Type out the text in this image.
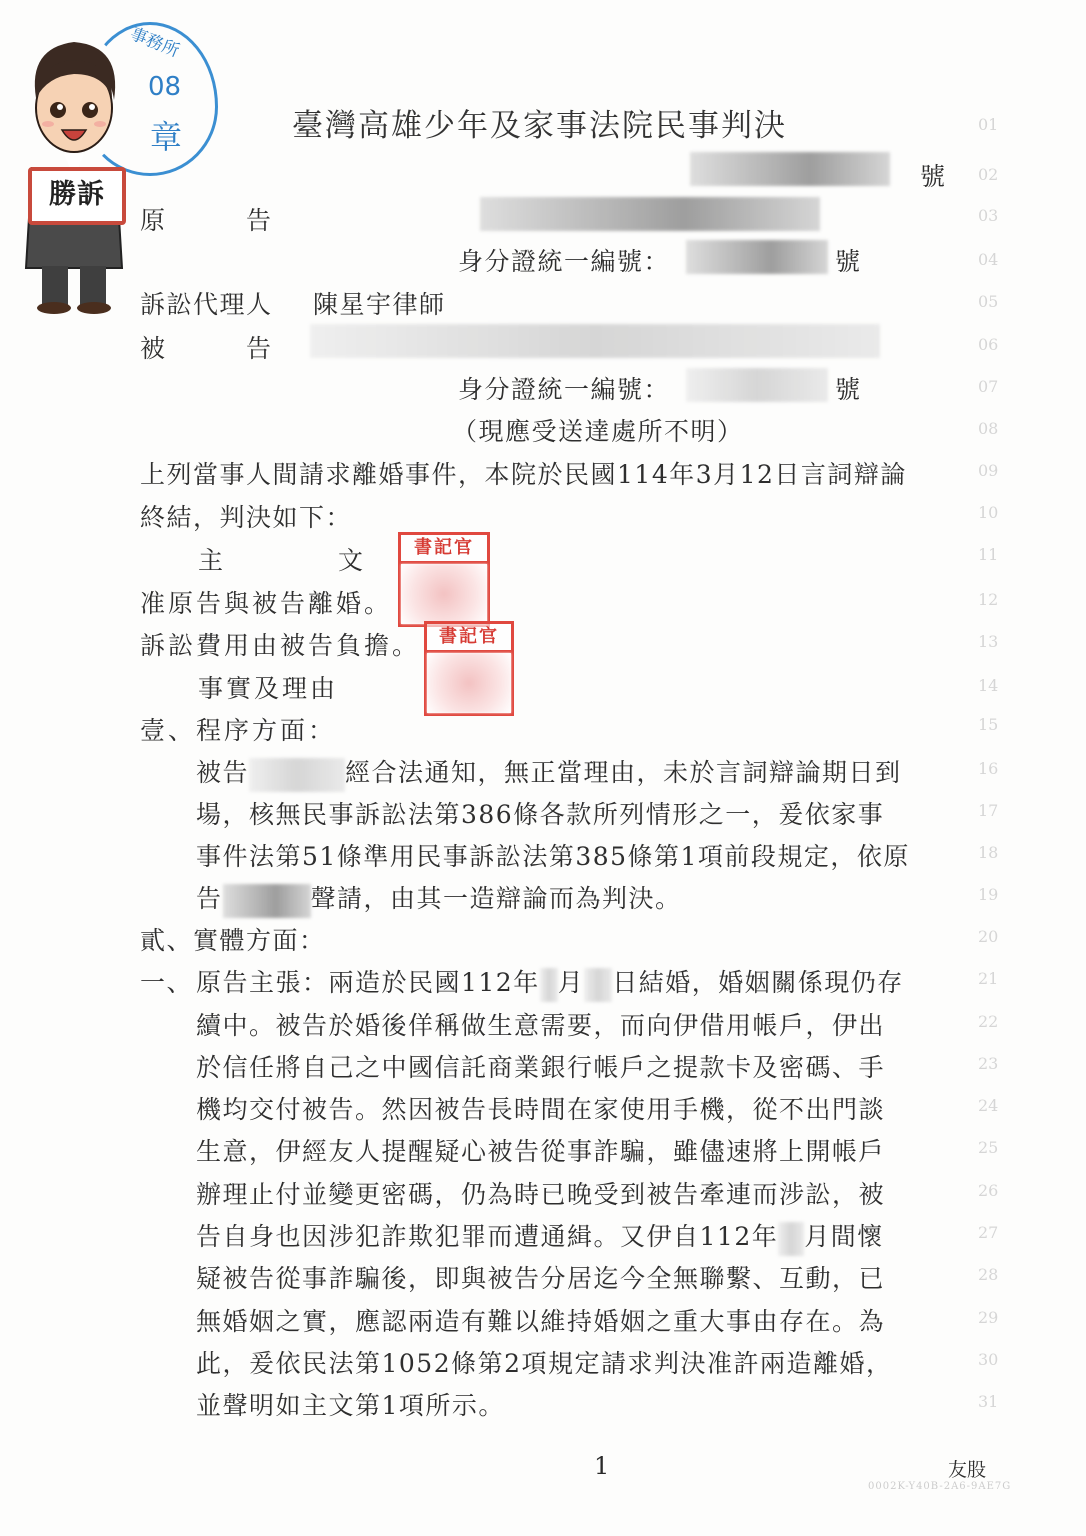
事務所
08
章
勝訴
臺灣高雄少年及家事法院民事判決
號
原　　　告
身分證統一編號：	號
訴訟代理人 陳星宇律師
被　　　告
身分證統一編號：	號
（現應受送達處所不明）
上列當事人間請求離婚事件，本院於民國114年3月12日言詞辯論
終結，判決如下：
主　　　文
准原告與被告離婚。
訴訟費用由被告負擔。
書記官
書記官
事實及理由
壹、程序方面：
被告	經合法通知，無正當理由，未於言詞辯論期日到
場，核無民事訴訟法第386條各款所列情形之一，爰依家事
事件法第51條準用民事訴訟法第385條第1項前段規定，依原
告	聲請，由其一造辯論而為判決。
貳、實體方面：
一、 原告主張：兩造於民國112年 月 日結婚，婚姻關係現仍存
續中。被告於婚後佯稱做生意需要，而向伊借用帳戶，伊出
於信任將自己之中國信託商業銀行帳戶之提款卡及密碼、手
機均交付被告。然因被告長時間在家使用手機，從不出門談
生意，伊經友人提醒疑心被告從事詐騙，雖儘速將上開帳戶
辦理止付並變更密碼，仍為時已晚受到被告牽連而涉訟，被
告自身也因涉犯詐欺犯罪而遭通緝。又伊自112年 月間懷
疑被告從事詐騙後，即與被告分居迄今全無聯繫、互動，已
無婚姻之實，應認兩造有難以維持婚姻之重大事由存在。為
此，爰依民法第1052條第2項規定請求判決准許兩造離婚，
並聲明如主文第1項所示。
01
02
03
04
05
06
07
08
09
10
11
12
13
14
15
16
17
18
19
20
21
22
23
24
25
26
27
28
29
30
31
1	友股
0002K-Y40B-2A6-9AE7G
